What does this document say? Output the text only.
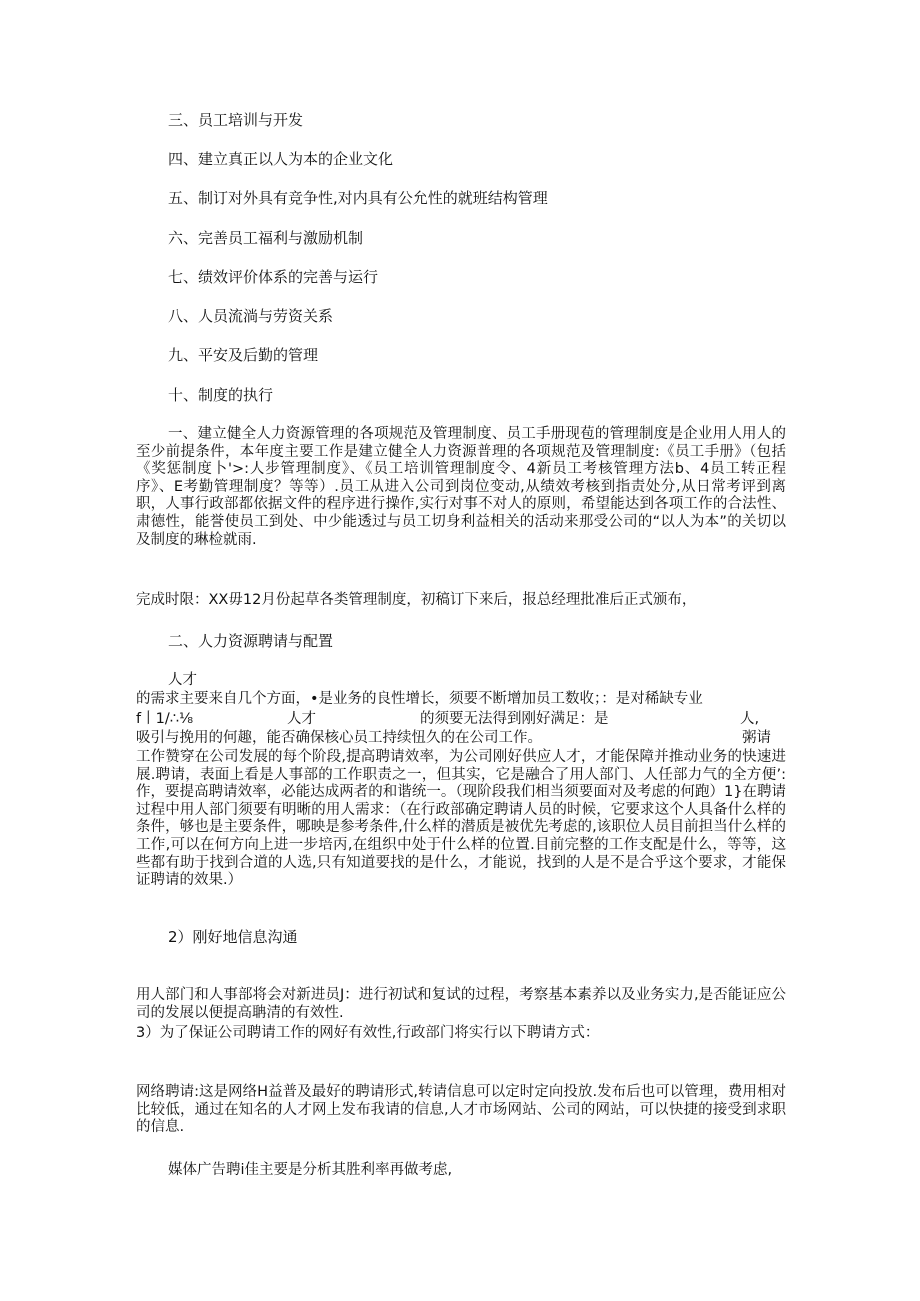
三、员工培训与开发
四、建立真正以人为本的企业文化
五、制订对外具有竞争性,对内具有公允性的就班结构管理
六、完善员工福利与激励机制
七、绩效评价体系的完善与运行
八、人员流淌与劳资关系
九、平安及后勤的管理
十、制度的执行

一、建立健全人力资源管理的各项规范及管理制度、员工手册现苞的管理制度是企业用人用人的至少前提条件，本年度主要工作是建立健全人力资源普理的各项规范及管理制度:《员工手册》（包括《奖惩制度卜'>:人步管理制度》、《员工培训管理制度令、4新员工考核管理方法b、4员工转正程序》、E考勤管理制度？等等）.员工从进入公司到岗位变动,从绩效考核到指责处分,从日常考评到离职，人事行政部都依据文件的程序进行操作,实行对事不对人的原则，希望能达到各项工作的合法性、肃德性，能誉使员工到处、中少能透过与员工切身利益相关的活动来那受公司的“以人为本”的关切以及制度的琳检就雨.

完成时限：XX毋12月份起草各类管理制度，初稿订下来后，报总经理批准后正式颁布，
二、人力资源聘请与配置
人才
的需求主要来自几个方面，•是业务的良性增长，须要不断增加员工数收；：是对稀缺专业
f丨1∕∴⅛	人才	的须要无法得到刚好满足：是	人,
吸引与挽用的何趣，能否确保核心员工持续忸久的在公司工作。	粥请

工作赞穿在公司发展的每个阶段,提高聘请效率，为公司刚好供应人才，才能保障并推动业务的快速进展.聘请，表面上看是人事部的工作职责之一，但其实，它是融合了用人部门、人任部力气的全方便’:作，要提高聘请效率，必能达成两者的和谐统一。（现阶段我们相当须要面对及考虑的何跑）1}在聘请过程中用人部门须要有明晰的用人需求：（在行政部确定聘请人员的时候，它要求这个人具备什么样的条件，够也是主要条件，哪映是参考条件,什么样的潜质是被优先考虑的,该职位人员目前担当什么样的工作,可以在何方向上进一步培丙,在组织中处于什么样的位置.目前完整的工作支配是什么，等等，这些都有助于找到合道的人选,只有知道要找的是什么，才能说，找到的人是不是合乎这个要求，才能保证聘请的效果.）

2）刚好地信息沟通

用人部门和人事部将会对新进员J：进行初试和复试的过程，考察基本素养以及业务实力,是否能证应公司的发展以便提高聃清的有效性.

3）为了保证公司聘请工作的网好有效性,行政部门将实行以下聘请方式：

网络聘请:这是网络H益普及最好的聘请形式,转请信息可以定时定向投放.发布后也可以管理，费用相对比较低，通过在知名的人才网上发布我请的信息,人才市场网站、公司的网站，可以快捷的接受到求职的信息.

媒体广告聘i佳主要是分析其胜利率再做考虑,
